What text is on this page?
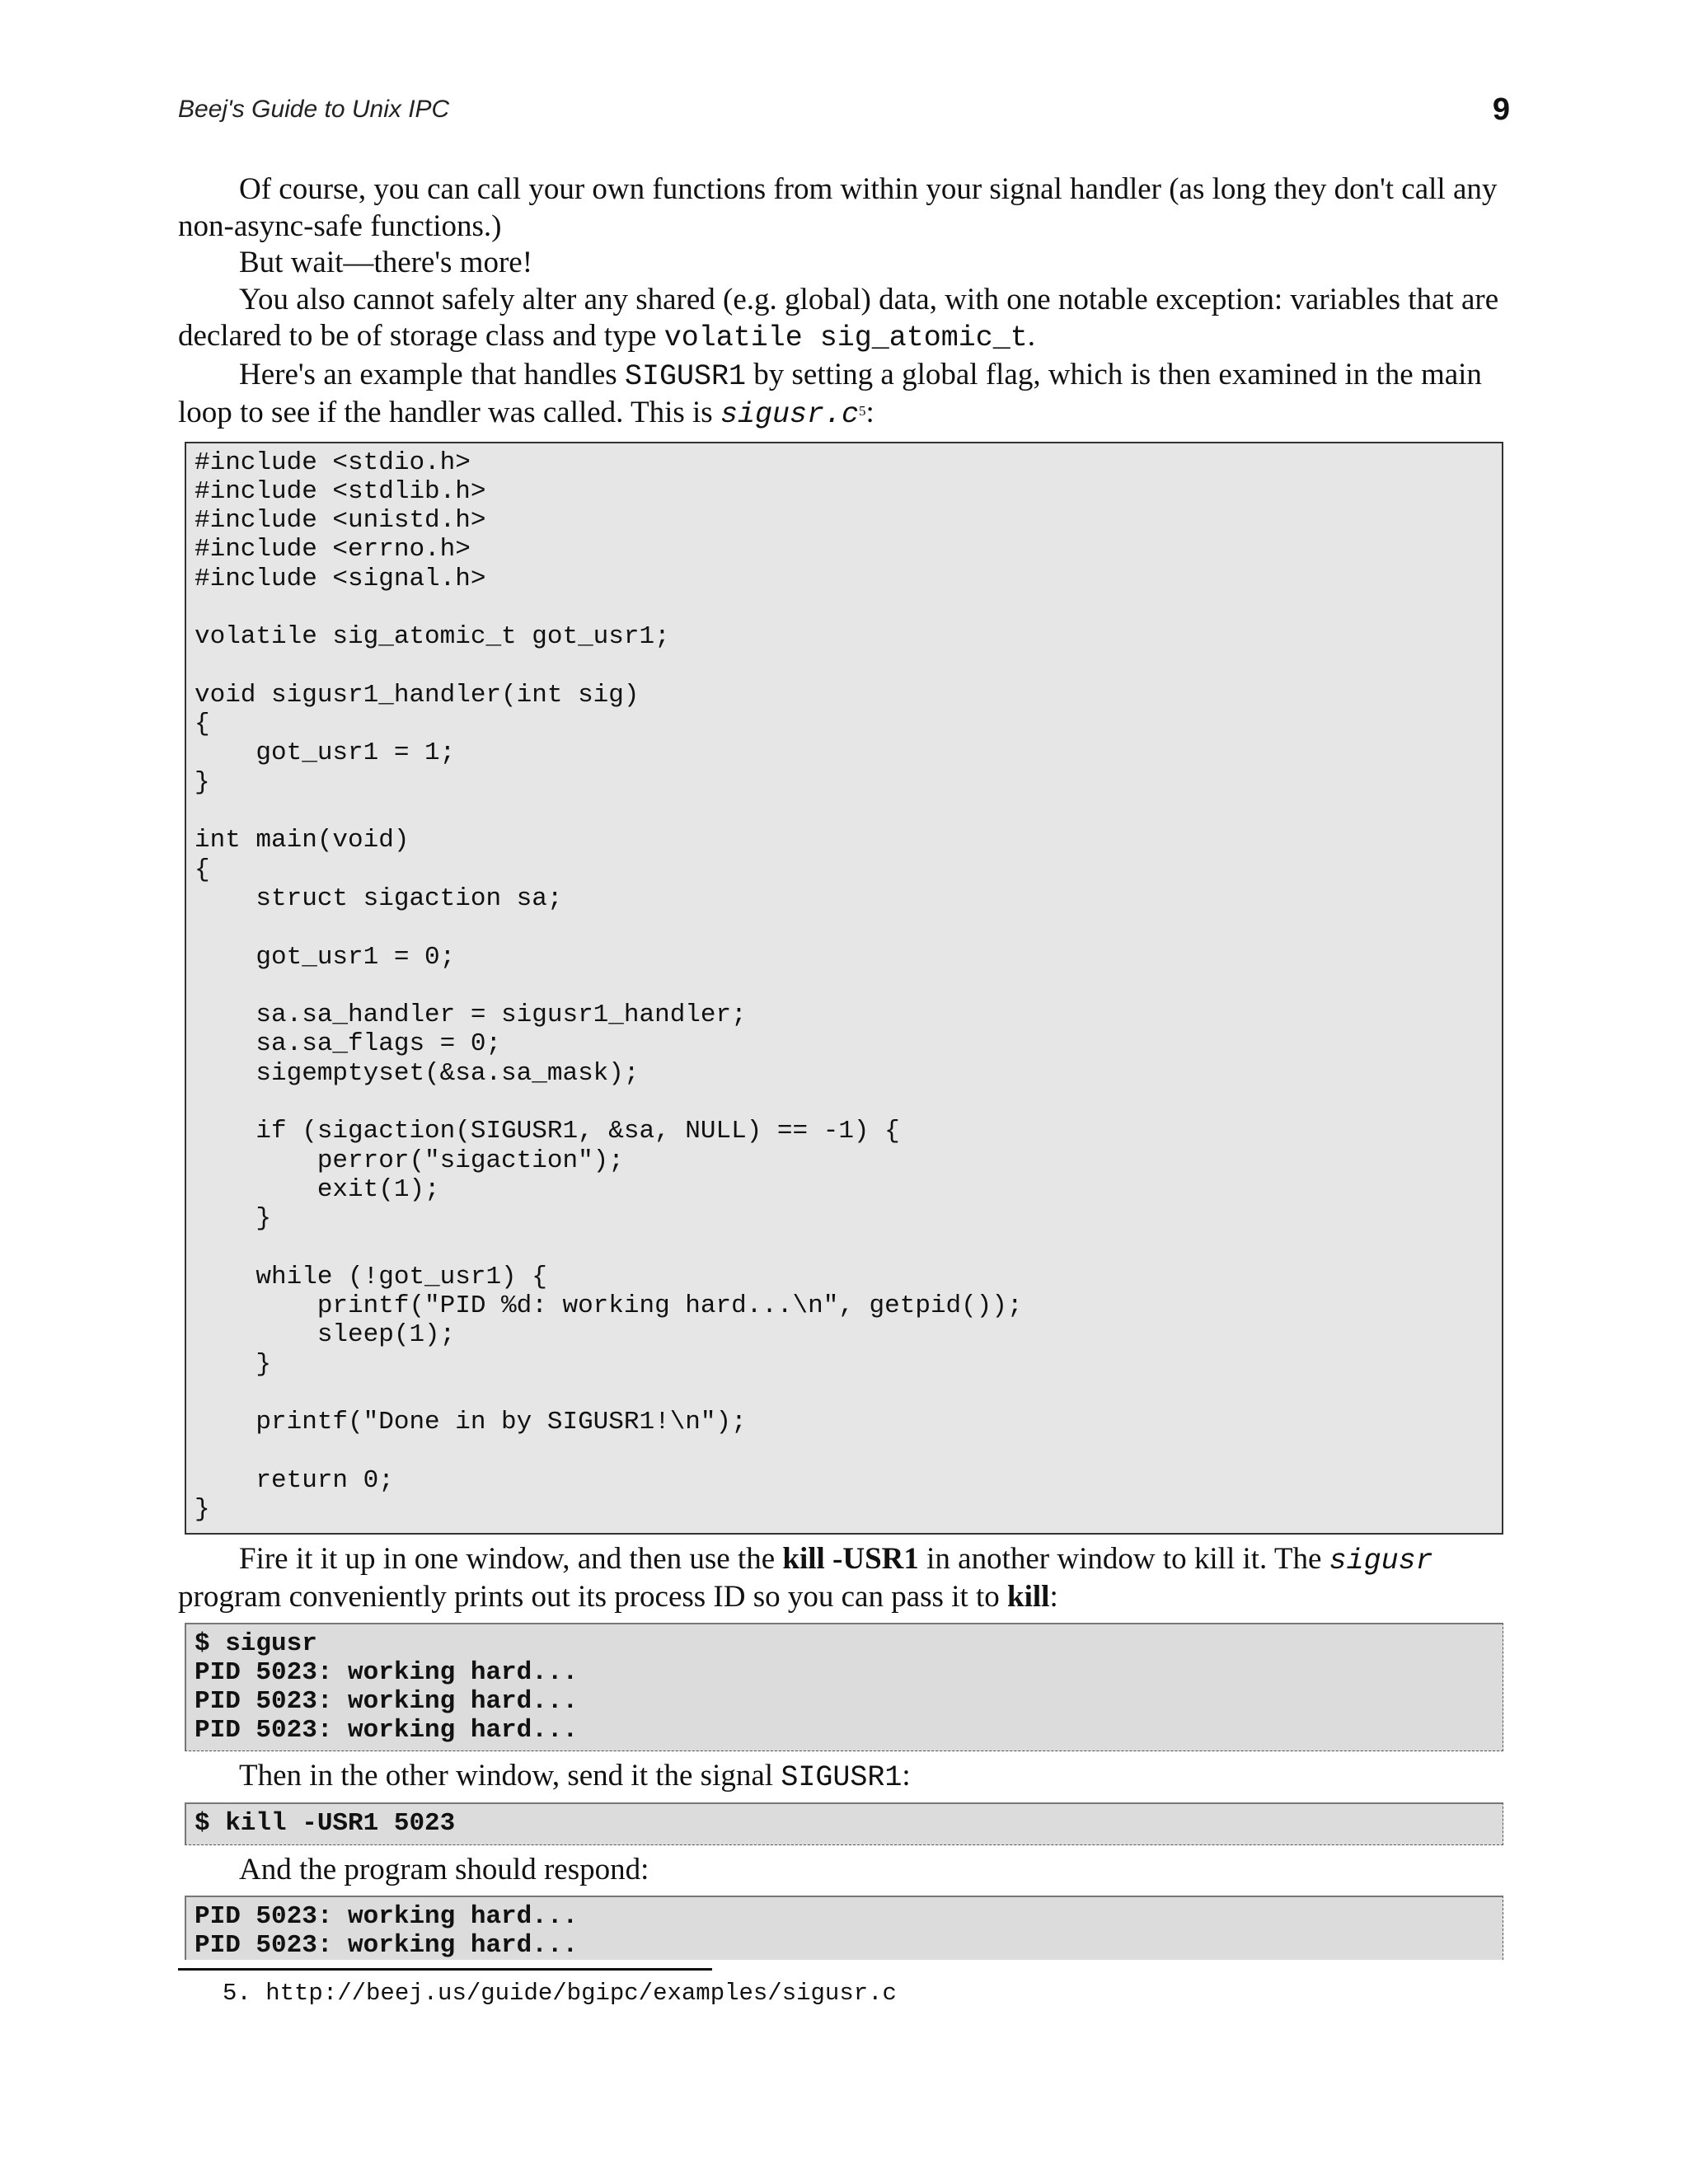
Beej's Guide to Unix IPC	9

Of course, you can call your own functions from within your signal handler (as long they don't call any non-async-safe functions.)

But wait—there's more!

You also cannot safely alter any shared (e.g. global) data, with one notable exception: variables that are declared to be of storage class and type volatile sig_atomic_t.

Here's an example that handles SIGUSR1 by setting a global flag, which is then examined in the main loop to see if the handler was called. This is sigusr.c$^5$:

#include <stdio.h>
#include <stdlib.h>
#include <unistd.h>
#include <errno.h>
#include <signal.h>

volatile sig_atomic_t got_usr1;

void sigusr1_handler(int sig)
{
got_usr1 = 1;
}

int main(void)
{
struct sigaction sa;

got_usr1 = 0;

sa.sa_handler = sigusr1_handler;
sa.sa_flags = 0;
sigemptyset(&sa.sa_mask);

if (sigaction(SIGUSR1, &sa, NULL) == -1) {
perror("sigaction");
exit(1);
}

while (!got_usr1) {
printf("PID %d: working hard...\n", getpid());
sleep(1);
}

printf("Done in by SIGUSR1!\n");

return 0;
}

Fire it it up in one window, and then use the kill -USR1 in another window to kill it. The sigusr program conveniently prints out its process ID so you can pass it to kill:

$ sigusr
PID 5023: working hard...
PID 5023: working hard...
PID 5023: working hard...

Then in the other window, send it the signal SIGUSR1:

$ kill -USR1 5023

And the program should respond:

PID 5023: working hard...
PID 5023: working hard...
5. http://beej.us/guide/bgipc/examples/sigusr.c
